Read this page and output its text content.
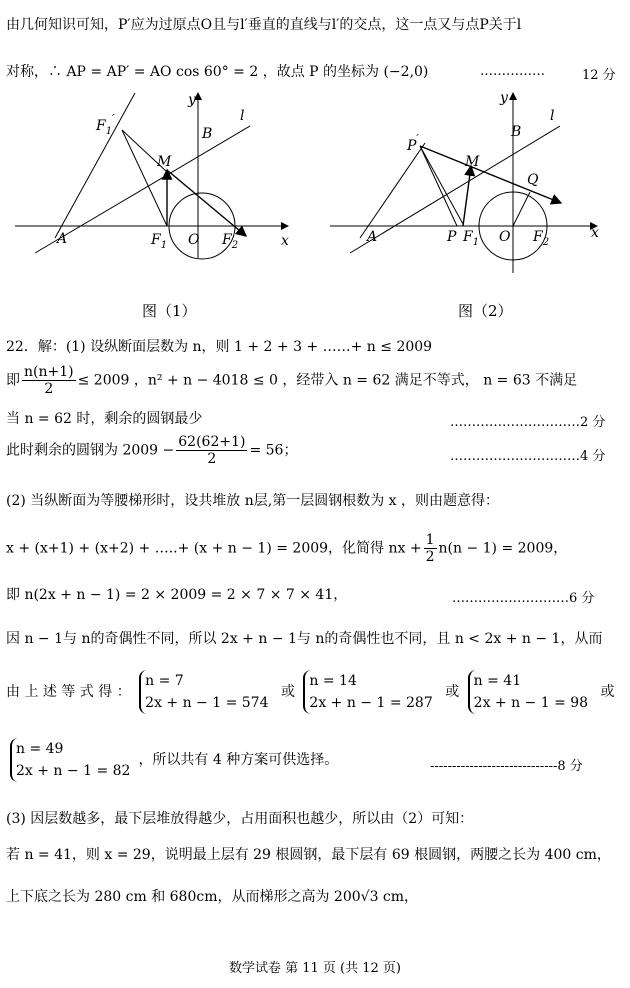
由几何知识可知，P′应为过原点O且与l′垂直的直线与l′的交点，这一点又与点P关于l
对称，∴ AP = AP′ = AO cos 60° = 2 ，故点 P 的坐标为 (−2,0)	……………	12 分
y
x
l
B
M
$F_1'$
A	$F_1$ O $F_2$
图（1）
y
x
l
B
M
P′
Q
A	P $F_1$ O $F_2$
图（2）
22．解：(1) 设纵断面层数为 n，则 1 + 2 + 3 + ……+ n ≤ 2009
即 $\frac{n(n+1)}{2} \le 2009$ ，n² + n − 4018 ≤ 0 ，经带入 n = 62 满足不等式， n = 63 不满足
当 n = 62 时，剩余的圆钢最少	…………………………2 分
此时剩余的圆钢为 $2009 - \frac{62(62+1)}{2} = 56$；	…………………………4 分
(2) 当纵断面为等腰梯形时，设共堆放 n层,第一层圆钢根数为 x ，则由题意得：
x + (x+1) + (x+2) + …..+ (x + n − 1) = 2009，化简得 nx + $\frac{1}{2} n(n - 1) = 2009$，
即 n(2x + n − 1) = 2 × 2009 = 2 × 7 × 7 × 41，	………………………6 分
因 n − 1与 n的奇偶性不同，所以 2x + n − 1与 n的奇偶性也不同，且 n < 2x + n − 1，从而
由 上 述 等 式 得 ：
n = 7
2x + n − 1 = 574
或
n = 14
2x + n − 1 = 287
或
n = 41
2x + n − 1 = 98
或
n = 49
2x + n − 1 = 82
，所以共有 4 种方案可供选择。	-----------------------------8 分
(3) 因层数越多，最下层堆放得越少，占用面积也越少，所以由（2）可知：
若 n = 41，则 x = 29，说明最上层有 29 根圆钢，最下层有 69 根圆钢，两腰之长为 400 cm，
上下底之长为 280 cm 和 680cm，从而梯形之高为 200√3 cm，
数学试卷 第 11 页 (共 12 页)
